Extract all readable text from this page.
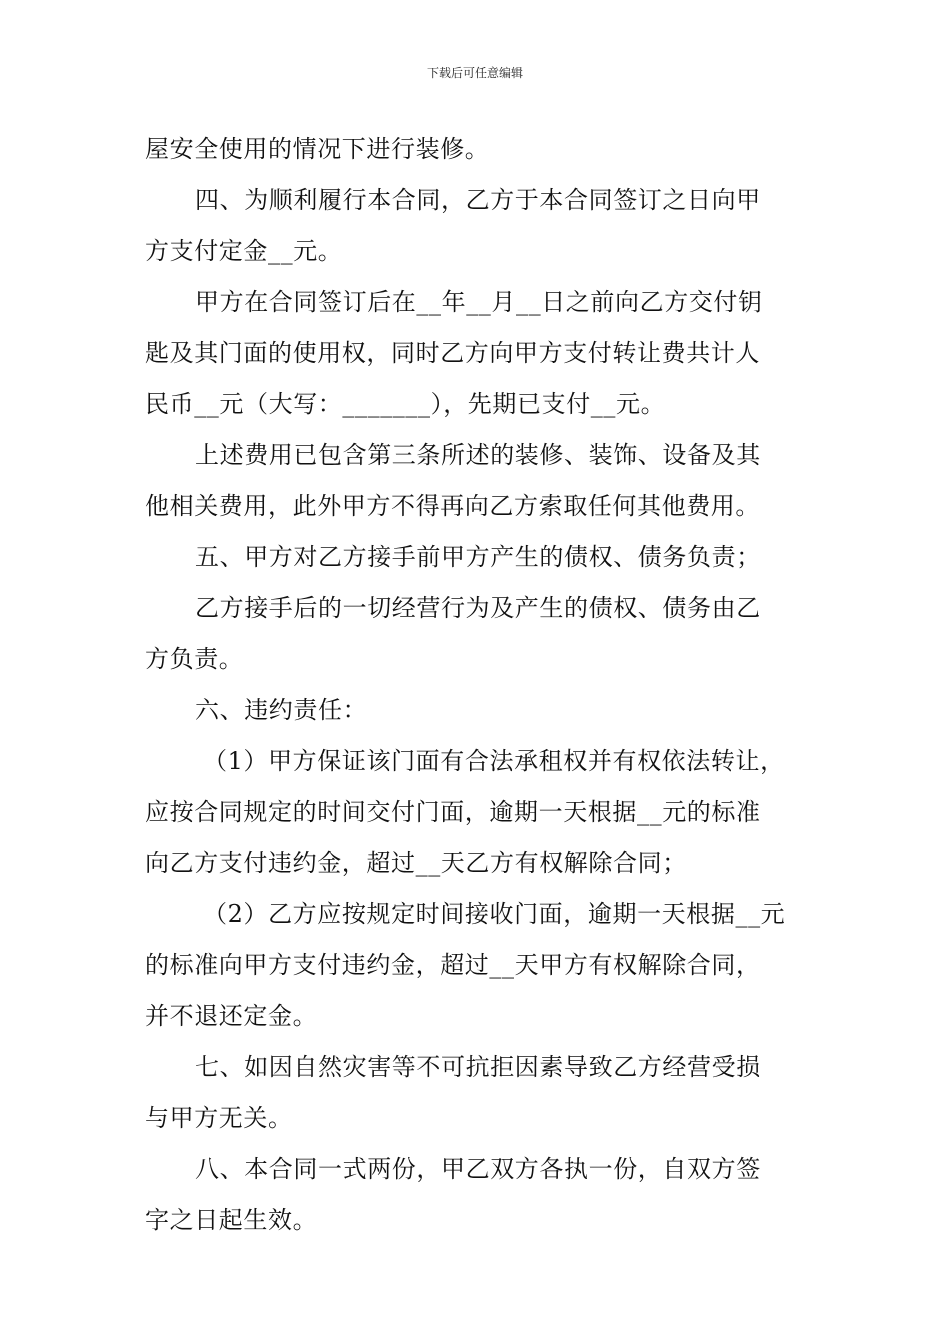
下载后可任意编辑
屋安全使用的情况下进行装修。
四、为顺利履行本合同，乙方于本合同签订之日向甲
方支付定金__元。
甲方在合同签订后在__年__月__日之前向乙方交付钥
匙及其门面的使用权，同时乙方向甲方支付转让费共计人
民币__元（大写：_______），先期已支付__元。
上述费用已包含第三条所述的装修、装饰、设备及其
他相关费用，此外甲方不得再向乙方索取任何其他费用。
五、甲方对乙方接手前甲方产生的债权、债务负责；
乙方接手后的一切经营行为及产生的债权、债务由乙
方负责。
六、违约责任：
（1）甲方保证该门面有合法承租权并有权依法转让，
应按合同规定的时间交付门面，逾期一天根据__元的标准
向乙方支付违约金，超过__天乙方有权解除合同；
（2）乙方应按规定时间接收门面，逾期一天根据__元
的标准向甲方支付违约金，超过__天甲方有权解除合同，
并不退还定金。
七、如因自然灾害等不可抗拒因素导致乙方经营受损
与甲方无关。
八、本合同一式两份，甲乙双方各执一份，自双方签
字之日起生效。
